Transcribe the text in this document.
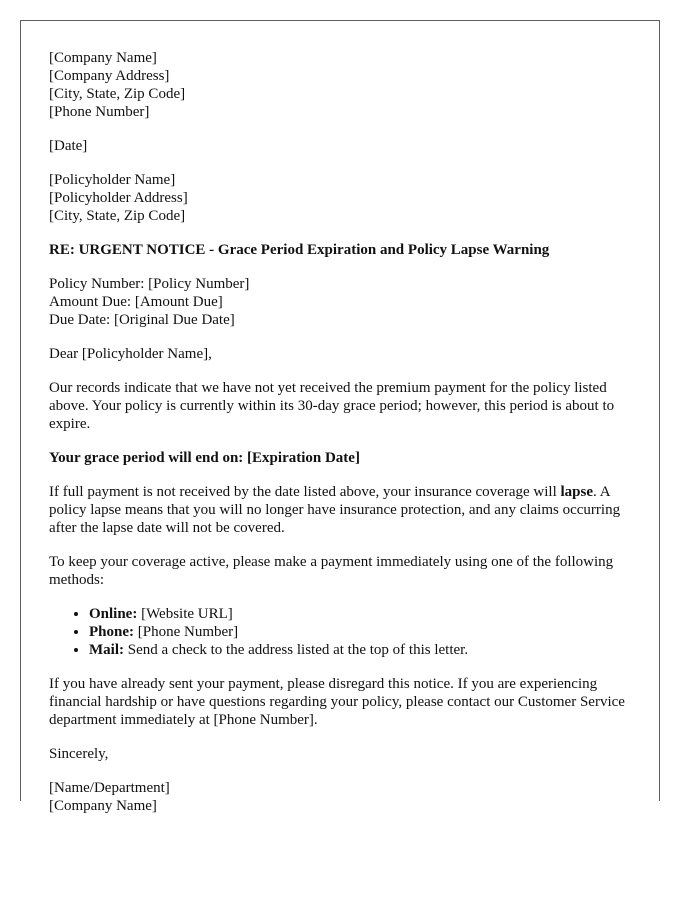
[Company Name]
[Company Address]
[City, State, Zip Code]
[Phone Number]
[Date]
[Policyholder Name]
[Policyholder Address]
[City, State, Zip Code]
RE: URGENT NOTICE - Grace Period Expiration and Policy Lapse Warning
Policy Number: [Policy Number]
Amount Due: [Amount Due]
Due Date: [Original Due Date]

Dear [Policyholder Name],

Our records indicate that we have not yet received the premium payment for the policy listed above. Your policy is currently within its 30-day grace period; however, this period is about to expire.

Your grace period will end on: [Expiration Date]

If full payment is not received by the date listed above, your insurance coverage will lapse. A policy lapse means that you will no longer have insurance protection, and any claims occurring after the lapse date will not be covered.

To keep your coverage active, please make a payment immediately using one of the following methods:

• Online: [Website URL]
• Phone: [Phone Number]
• Mail: Send a check to the address listed at the top of this letter.

If you have already sent your payment, please disregard this notice. If you are experiencing financial hardship or have questions regarding your policy, please contact our Customer Service department immediately at [Phone Number].

Sincerely,

[Name/Department]
[Company Name]
